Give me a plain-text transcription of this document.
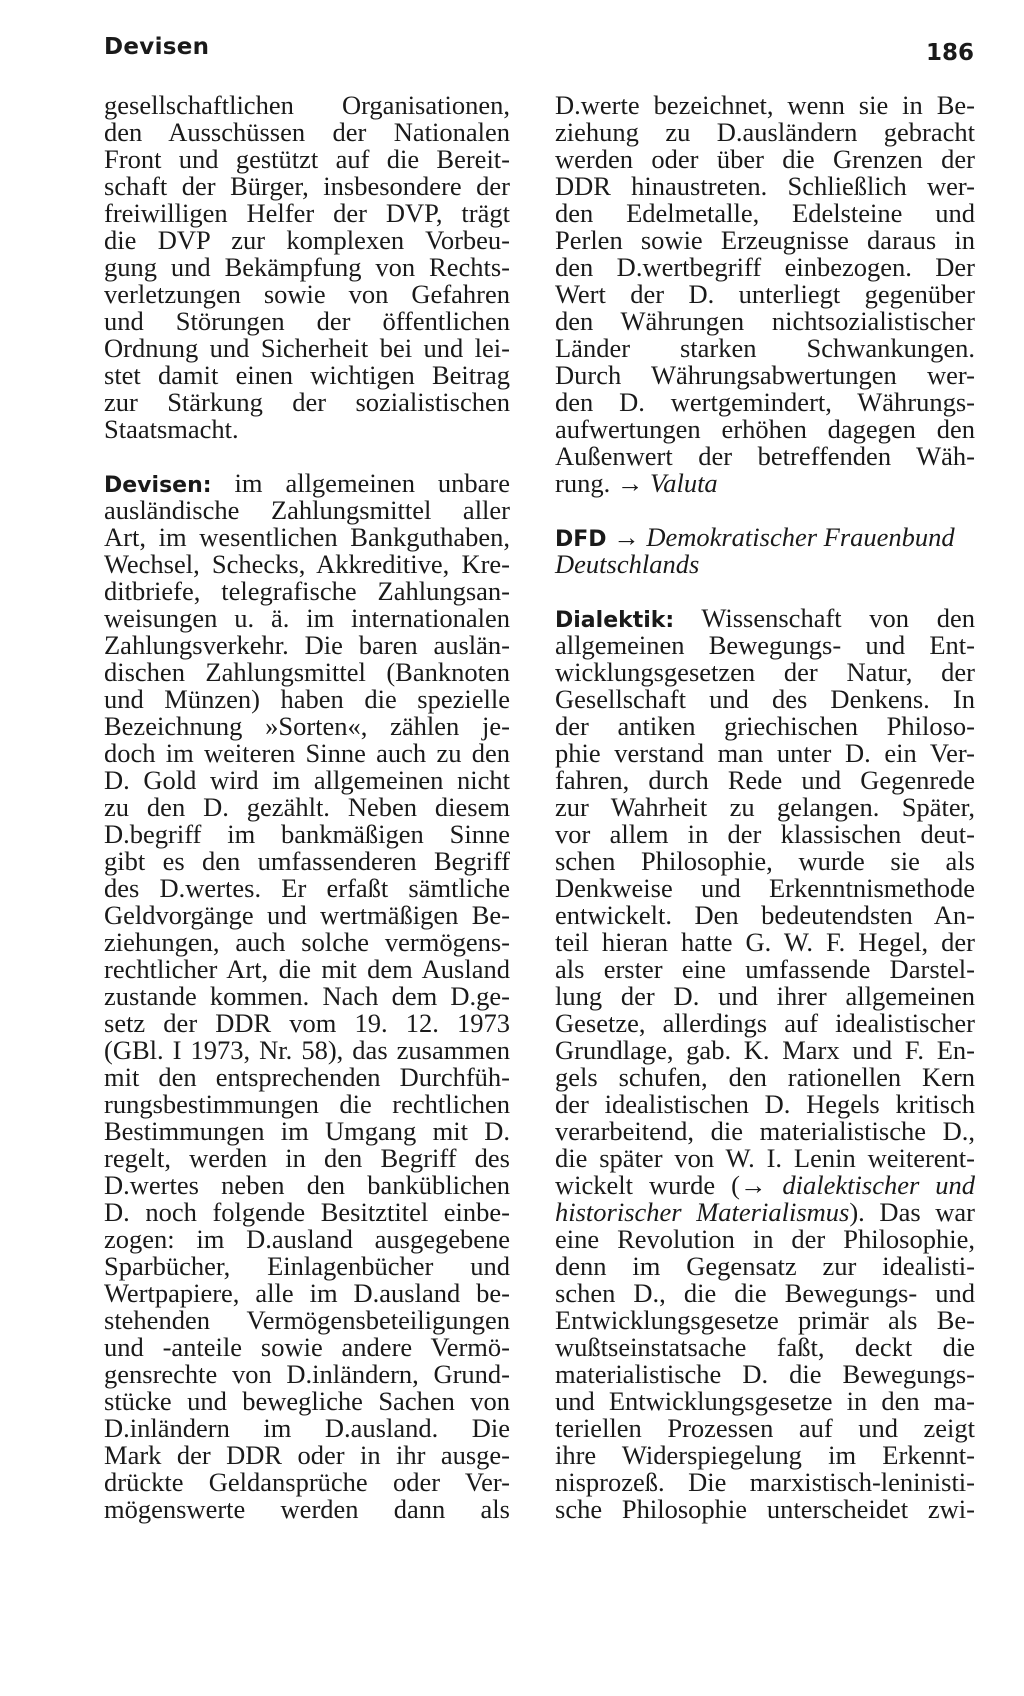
Devisen	186
gesellschaftlichen Organisationen,
den Ausschüssen der Nationalen
Front und gestützt auf die Bereit-
schaft der Bürger, insbesondere der
freiwilligen Helfer der DVP, trägt
die DVP zur komplexen Vorbeu-
gung und Bekämpfung von Rechts-
verletzungen sowie von Gefahren
und Störungen der öffentlichen
Ordnung und Sicherheit bei und lei-
stet damit einen wichtigen Beitrag
zur Stärkung der sozialistischen
Staatsmacht.
Devisen: im allgemeinen unbare
ausländische Zahlungsmittel aller
Art, im wesentlichen Bankguthaben,
Wechsel, Schecks, Akkreditive, Kre-
ditbriefe, telegrafische Zahlungsan-
weisungen u. ä. im internationalen
Zahlungsverkehr. Die baren auslän-
dischen Zahlungsmittel (Banknoten
und Münzen) haben die spezielle
Bezeichnung »Sorten«, zählen je-
doch im weiteren Sinne auch zu den
D. Gold wird im allgemeinen nicht
zu den D. gezählt. Neben diesem
D.begriff im bankmäßigen Sinne
gibt es den umfassenderen Begriff
des D.wertes. Er erfaßt sämtliche
Geldvorgänge und wertmäßigen Be-
ziehungen, auch solche vermögens-
rechtlicher Art, die mit dem Ausland
zustande kommen. Nach dem D.ge-
setz der DDR vom 19. 12. 1973
(GBl. I 1973, Nr. 58), das zusammen
mit den entsprechenden Durchfüh-
rungsbestimmungen die rechtlichen
Bestimmungen im Umgang mit D.
regelt, werden in den Begriff des
D.wertes neben den banküblichen
D. noch folgende Besitztitel einbe-
zogen: im D.ausland ausgegebene
Sparbücher, Einlagenbücher und
Wertpapiere, alle im D.ausland be-
stehenden Vermögensbeteiligungen
und -anteile sowie andere Vermö-
gensrechte von D.inländern, Grund-
stücke und bewegliche Sachen von
D.inländern im D.ausland. Die
Mark der DDR oder in ihr ausge-
drückte Geldansprüche oder Ver-
mögenswerte werden dann als
D.werte bezeichnet, wenn sie in Be-
ziehung zu D.ausländern gebracht
werden oder über die Grenzen der
DDR hinaustreten. Schließlich wer-
den Edelmetalle, Edelsteine und
Perlen sowie Erzeugnisse daraus in
den D.wertbegriff einbezogen. Der
Wert der D. unterliegt gegenüber
den Währungen nichtsozialistischer
Länder starken Schwankungen.
Durch Währungsabwertungen wer-
den D. wertgemindert, Währungs-
aufwertungen erhöhen dagegen den
Außenwert der betreffenden Wäh-
rung. → Valuta
DFD → Demokratischer Frauenbund
Deutschlands
Dialektik: Wissenschaft von den
allgemeinen Bewegungs- und Ent-
wicklungsgesetzen der Natur, der
Gesellschaft und des Denkens. In
der antiken griechischen Philoso-
phie verstand man unter D. ein Ver-
fahren, durch Rede und Gegenrede
zur Wahrheit zu gelangen. Später,
vor allem in der klassischen deut-
schen Philosophie, wurde sie als
Denkweise und Erkenntnismethode
entwickelt. Den bedeutendsten An-
teil hieran hatte G. W. F. Hegel, der
als erster eine umfassende Darstel-
lung der D. und ihrer allgemeinen
Gesetze, allerdings auf idealistischer
Grundlage, gab. K. Marx und F. En-
gels schufen, den rationellen Kern
der idealistischen D. Hegels kritisch
verarbeitend, die materialistische D.,
die später von W. I. Lenin weiterent-
wickelt wurde (→ dialektischer und
historischer Materialismus). Das war
eine Revolution in der Philosophie,
denn im Gegensatz zur idealisti-
schen D., die die Bewegungs- und
Entwicklungsgesetze primär als Be-
wußtseinstatsache faßt, deckt die
materialistische D. die Bewegungs-
und Entwicklungsgesetze in den ma-
teriellen Prozessen auf und zeigt
ihre Widerspiegelung im Erkennt-
nisprozeß. Die marxistisch-leninisti-
sche Philosophie unterscheidet zwi-
